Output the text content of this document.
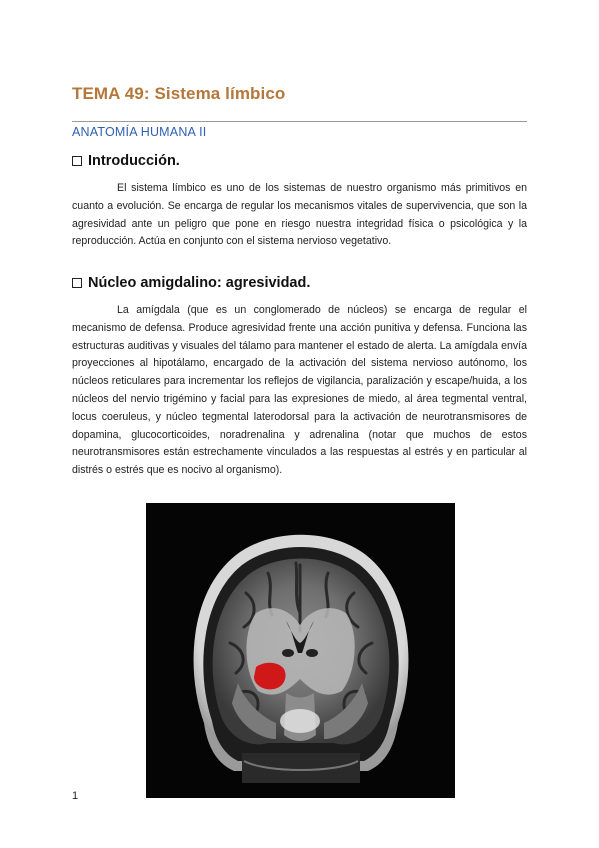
TEMA 49: Sistema límbico
ANATOMÍA HUMANA II
Introducción.

El sistema límbico es uno de los sistemas de nuestro organismo más primitivos en cuanto a evolución. Se encarga de regular los mecanismos vitales de supervivencia, que son la agresividad ante un peligro que pone en riesgo nuestra integridad física o psicológica y la reproducción. Actúa en conjunto con el sistema nervioso vegetativo.

Núcleo amigdalino: agresividad.

La amígdala (que es un conglomerado de núcleos) se encarga de regular el mecanismo de defensa. Produce agresividad frente una acción punitiva y defensa. Funciona las estructuras auditivas y visuales del tálamo para mantener el estado de alerta. La amígdala envía proyecciones al hipotálamo, encargado de la activación del sistema nervioso autónomo, los núcleos reticulares para incrementar los reflejos de vigilancia, paralización y escape/huida, a los núcleos del nervio trigémino y facial para las expresiones de miedo, al área tegmental ventral, locus coeruleus, y núcleo tegmental laterodorsal para la activación de neurotransmisores de dopamina, glucocorticoides, noradrenalina y adrenalina (notar que muchos de estos neurotransmisores están estrechamente vinculados a las respuestas al estrés y en particular al distrés o estrés que es nocivo al organismo).

1
